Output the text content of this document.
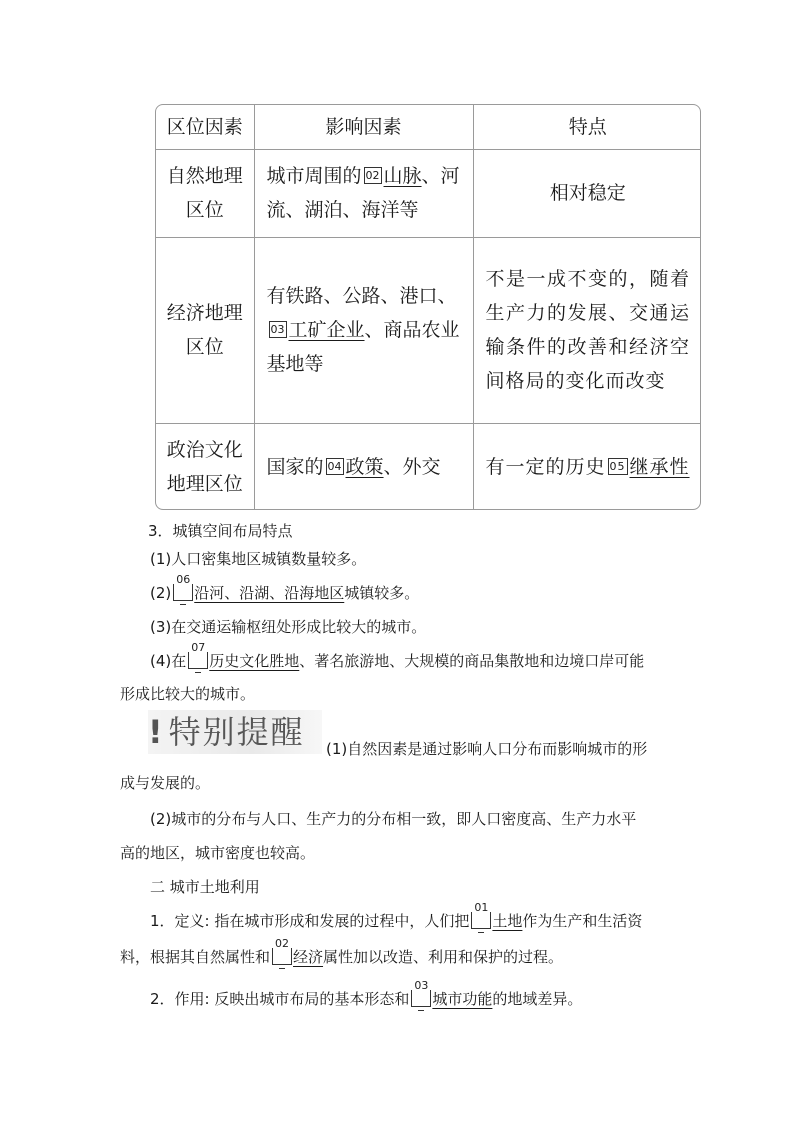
区位因素	影响因素	特点
自然地理区位	城市周围的 02 山脉、河流、湖泊、海洋等	相对稳定
经济地理区位	有铁路、公路、港口、03 工矿企业、商品农业基地等	不是一成不变的，随着生产力的发展、交通运输条件的改善和经济空间格局的变化而改变
政治文化地理区位	国家的 04 政策、外交	有一定的历史 05 继承性
3．城镇空间布局特点
(1)人口密集地区城镇数量较多。
(2)
06
沿河、沿湖、沿海地区城镇较多。
(3)在交通运输枢纽处形成比较大的城市。
(4)在
07
历史文化胜地、著名旅游地、大规模的商品集散地和边境口岸可能
形成比较大的城市。
! 特别提醒	(1)自然因素是通过影响人口分布而影响城市的形
成与发展的。
(2)城市的分布与人口、生产力的分布相一致，即人口密度高、生产力水平
高的地区，城市密度也较高。
二 城市土地利用
1．定义: 指在城市形成和发展的过程中，人们把
01
土地作为生产和生活资
料，根据其自然属性和
02
经济属性加以改造、利用和保护的过程。
2．作用: 反映出城市布局的基本形态和
03
城市功能的地域差异。
